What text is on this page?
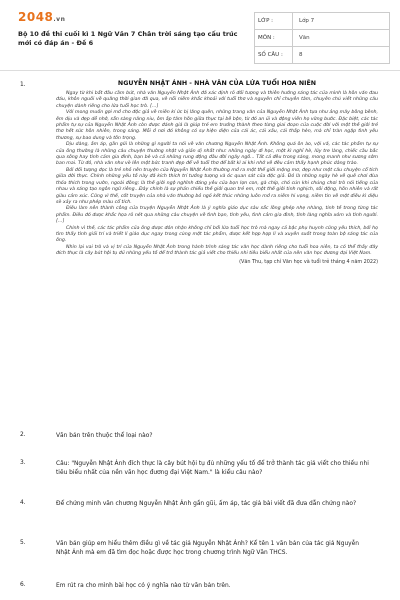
2048.vn
Bộ 10 đề thi cuối kì 1 Ngữ Văn 7 Chân trời sáng tạo cấu trúc mới có đáp án - Đề 6
LỚP :	Lớp 7
MÔN :	Văn
SỐ CÂU :	8
1.	NGUYỄN NHẬT ÁNH - NHÀ VĂN CỦA LỨA TUỔI HOA NIÊN

Ngay từ khi bắt đầu cầm bút, nhà văn Nguyễn Nhật Ánh đã xác định rõ đối tượng và thiên hướng sáng tác của mình là hồn văn đau đáu, khôn nguôi về quãng thời gian đã qua, về nỗi niềm khắc khoải với tuổi thơ và nguyên chỉ chuyên tâm, chuyên chú viết những câu chuyện dành riêng cho lứa tuổi học trò. […]

Với mong muốn gợi mở cho độc giả về miền kí ức bị lãng quên, những trang văn của Nguyễn Nhật Ánh tựa như ảng mây bồng bềnh, êm dịu và đẹp dễ nhớ, sẵn sàng nâng niu, ôm ấp tâm hồn giữa thực tại bề bộn, từ đó an ủi và động viên họ vững bước. Đặc biệt, các tác phẩm tự sự của Nguyễn Nhật Ánh còn được đánh giá là giúp trẻ em trưởng thành theo từng giai đoạn của cuộc đời với một thế giới trẻ thơ hết sức hồn nhiên, trong sáng. Mỗi ở nơi đó không có sự hiện diện của cái ác, cái xấu, cái thấp hèn, mà chỉ tràn ngập tình yêu thương, sự bao dung và tôn trọng.

Dịu dàng, ấm áp, gần gũi là những gì người ta nói về văn chương Nguyễn Nhật Ánh. Không quá ồn ào, vội vã, các tác phẩm tự sự của ông thường là những câu chuyện thường nhật và giản dị nhất như: những ngày đi học, một kì nghỉ hè, lũy tre làng, chiếc cầu bắc qua sông hay tình cảm gia đình, bạn bè và cả những rung động đầu đời ngây ngô... Tất cả đều trong sáng, mong manh như sương sớm ban mai. Từ đó, nhà văn như vẽ lên một bức tranh đẹp để về tuổi thơ để bất kì ai khi nhớ về đều cảm thấy hạnh phúc dâng trào.

Bởi đối tượng đọc là trẻ nhỏ nên truyện của Nguyễn Nhật Ánh thường mở ra một thế giới mộng mơ, đẹp như một câu chuyện cổ tích giữa đời thực. Chính những yếu tố này đã kích thích trí tưởng tượng và óc quan sát của độc giả. Đó là những ngày hè về quê chơi đùa thỏa thích trong vườn, ngoài đồng; là thế giới ngộ nghĩnh đáng yêu của bọn lợn con, gà chíp, chó cún khi chúng chơi trò nói tiếng của nhau và sáng tạo ngôn ngữ riêng...Đây chính là sự phản chiếu thế giới quan trẻ em, một thế giới tinh nghịch, sôi động, hồn nhiên và rất giàu cảm xúc. Cũng vì thế, cốt truyện của nhà văn thường bỏ ngỏ kết thúc những luôn mở ra niềm hi vọng, niềm tin về một điều kì diệu sẽ xảy ra như phép màu cổ tích.

Điều làm nên thành công của truyện Nguyễn Nhật Ánh là ý nghĩa giáo dục sâu sắc lồng ghép nhẹ nhàng, tinh tế trong từng tác phẩm. Điều đó được khắc họa rõ nét qua những câu chuyện về tình bạn, tình yêu, tình cảm gia đình, tình làng nghĩa xóm và tình người. […]

Chính vì thế, các tác phẩm của ông được đón nhận không chỉ bởi lứa tuổi học trò mà ngay cả bậc phụ huynh cũng yêu thích, bởi họ tìm thấy tình giải trí và triết lí giáo dục ngay trong cùng một tác phẩm, được kết hợp hợp lí và xuyên suốt trong toàn bộ sáng tác của ông.

Nhìn lại vai trò và vị trí của Nguyễn Nhật Ánh trong hành trình sáng tác văn học dành riêng cho tuổi hoa niên, ta có thể thấy đây đích thực là cây bút hội tụ đủ những yếu tố để trở thành tác giả viết cho thiếu nhi tiêu biểu nhất của nền văn học đương đại Việt Nam.

(Văn Thu, tạp chí Văn học và tuổi trẻ tháng 4 năm 2022)
2.	Văn bản trên thuộc thể loại nào?
3.	Câu: "Nguyễn Nhật Ánh đích thực là cây bút hội tụ đủ những yếu tố để trở thành tác giả viết cho thiếu nhi tiêu biểu nhất của nền văn học đương đại Việt Nam." là kiểu câu nào?
4.	Để chứng minh văn chương Nguyễn Nhật Ánh gần gũi, ấm áp, tác giả bài viết đã đưa dẫn chứng nào?
5.	Văn bản giúp em hiểu thêm điều gì về tác giả Nguyễn Nhật Ánh? Kể tên 1 văn bản của tác giả Nguyễn Nhật Ánh mà em đã tìm đọc hoặc được học trong chương trình Ngữ Văn THCS.
6.	Em rút ra cho mình bài học có ý nghĩa nào từ văn bản trên.
